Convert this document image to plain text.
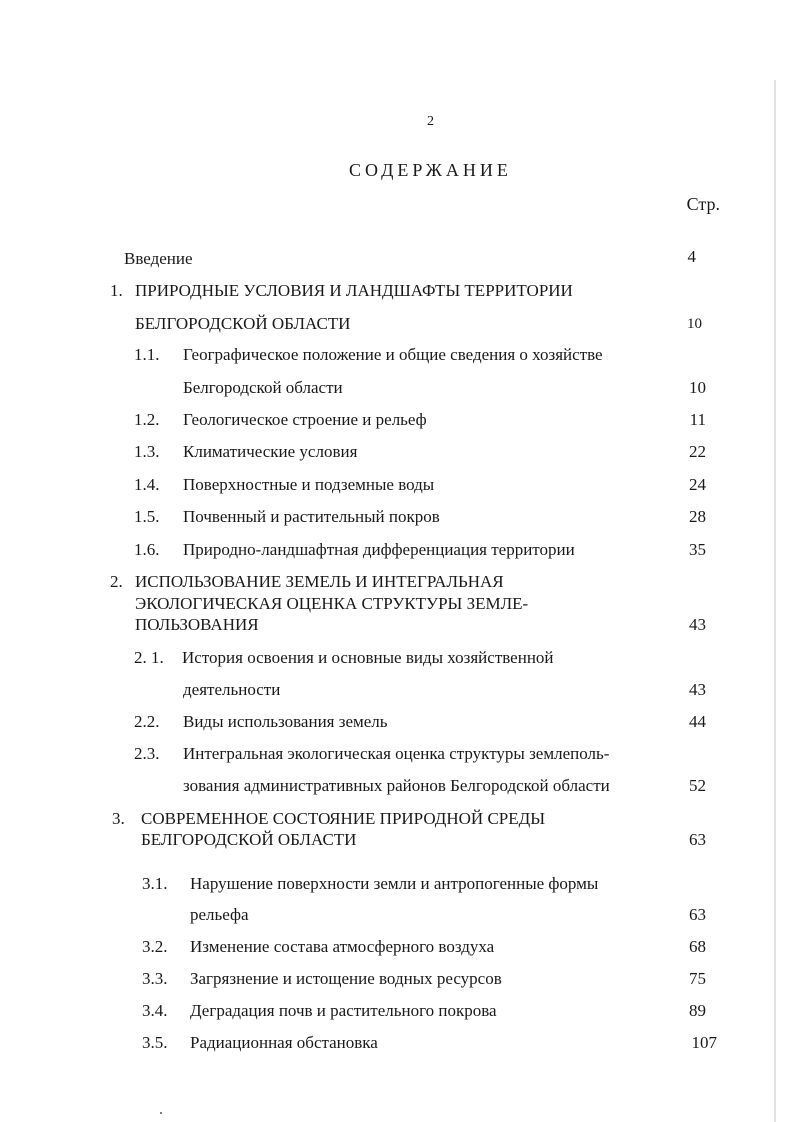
2
СОДЕРЖАНИЕ
Стр.
Введение	4
1. ПРИРОДНЫЕ УСЛОВИЯ И ЛАНДШАФТЫ ТЕРРИТОРИИ
БЕЛГОРОДСКОЙ ОБЛАСТИ	10
1.1. Географическое положение и общие сведения о хозяйстве
Белгородской области	10
1.2. Геологическое строение и рельеф	11
1.3. Климатические условия	22
1.4. Поверхностные и подземные воды	24
1.5. Почвенный и растительный покров	28
1.6. Природно-ландшафтная дифференциация территории	35
2. ИСПОЛЬЗОВАНИЕ ЗЕМЕЛЬ И ИНТЕГРАЛЬНАЯ
ЭКОЛОГИЧЕСКАЯ ОЦЕНКА СТРУКТУРЫ ЗЕМЛЕ-
ПОЛЬЗОВАНИЯ	43
2. 1. История освоения и основные виды хозяйственной
деятельности	43
2.2. Виды использования земель	44
2.3. Интегральная экологическая оценка структуры землеполь-
зования административных районов Белгородской области	52
3. СОВРЕМЕННОЕ СОСТОЯНИЕ ПРИРОДНОЙ СРЕДЫ
БЕЛГОРОДСКОЙ ОБЛАСТИ	63
3.1. Нарушение поверхности земли и антропогенные формы
рельефа	63
3.2. Изменение состава атмосферного воздуха	68
3.3. Загрязнение и истощение водных ресурсов	75
3.4. Деградация почв и растительного покрова	89
3.5. Радиационная обстановка	107
